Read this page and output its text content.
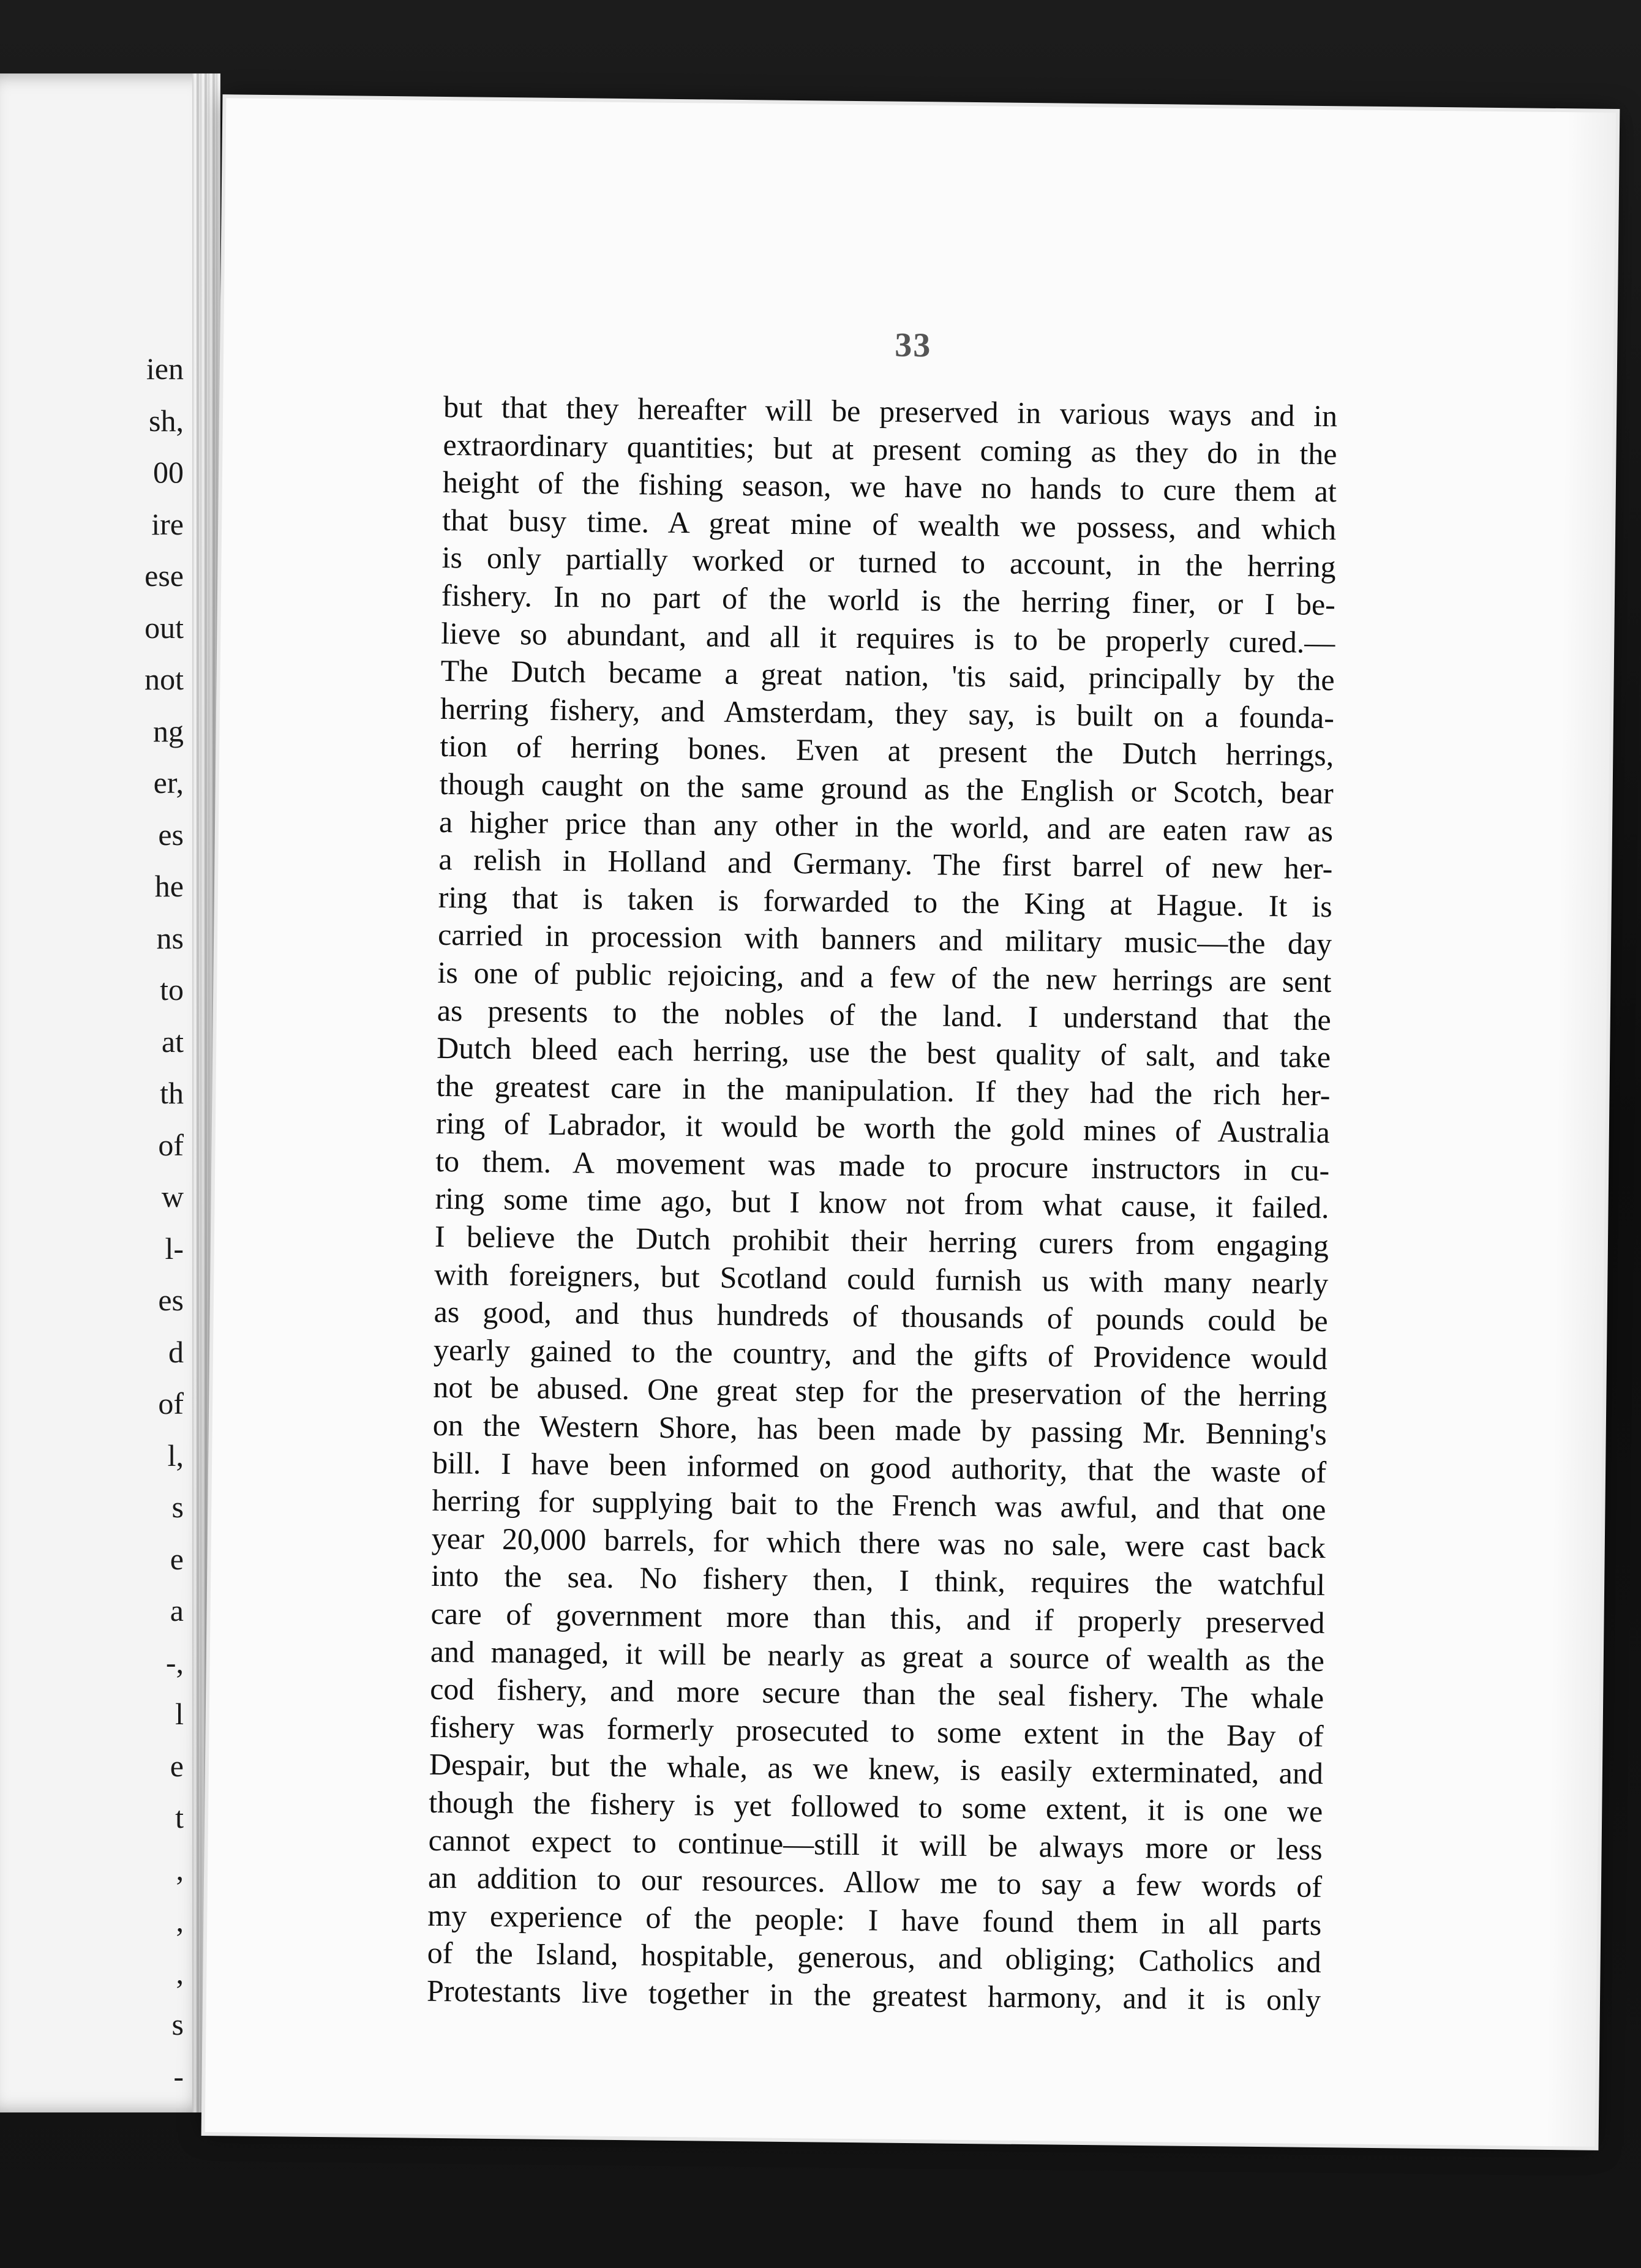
ien
sh,
00
ire
ese
out
not
ng
er,
es
he
ns
to
at
th
of
w
l-
es
d
of
l,
s
e
a
-,
l
e
t
,
,
,
s
-
33
but that they hereafter will be preserved in various ways and in
extraordinary quantities; but at present coming as they do in the
height of the fishing season, we have no hands to cure them at
that busy time. A great mine of wealth we possess, and which
is only partially worked or turned to account, in the herring
fishery. In no part of the world is the herring finer, or I be-
lieve so abundant, and all it requires is to be properly cured.—
The Dutch became a great nation, 'tis said, principally by the
herring fishery, and Amsterdam, they say, is built on a founda-
tion of herring bones. Even at present the Dutch herrings,
though caught on the same ground as the English or Scotch, bear
a higher price than any other in the world, and are eaten raw as
a relish in Holland and Germany. The first barrel of new her-
ring that is taken is forwarded to the King at Hague. It is
carried in procession with banners and military music—the day
is one of public rejoicing, and a few of the new herrings are sent
as presents to the nobles of the land. I understand that the
Dutch bleed each herring, use the best quality of salt, and take
the greatest care in the manipulation. If they had the rich her-
ring of Labrador, it would be worth the gold mines of Australia
to them. A movement was made to procure instructors in cu-
ring some time ago, but I know not from what cause, it failed.
I believe the Dutch prohibit their herring curers from engaging
with foreigners, but Scotland could furnish us with many nearly
as good, and thus hundreds of thousands of pounds could be
yearly gained to the country, and the gifts of Providence would
not be abused. One great step for the preservation of the herring
on the Western Shore, has been made by passing Mr. Benning's
bill. I have been informed on good authority, that the waste of
herring for supplying bait to the French was awful, and that one
year 20,000 barrels, for which there was no sale, were cast back
into the sea. No fishery then, I think, requires the watchful
care of government more than this, and if properly preserved
and managed, it will be nearly as great a source of wealth as the
cod fishery, and more secure than the seal fishery. The whale
fishery was formerly prosecuted to some extent in the Bay of
Despair, but the whale, as we knew, is easily exterminated, and
though the fishery is yet followed to some extent, it is one we
cannot expect to continue—still it will be always more or less
an addition to our resources. Allow me to say a few words of
my experience of the people: I have found them in all parts
of the Island, hospitable, generous, and obliging; Catholics and
Protestants live together in the greatest harmony, and it is only
